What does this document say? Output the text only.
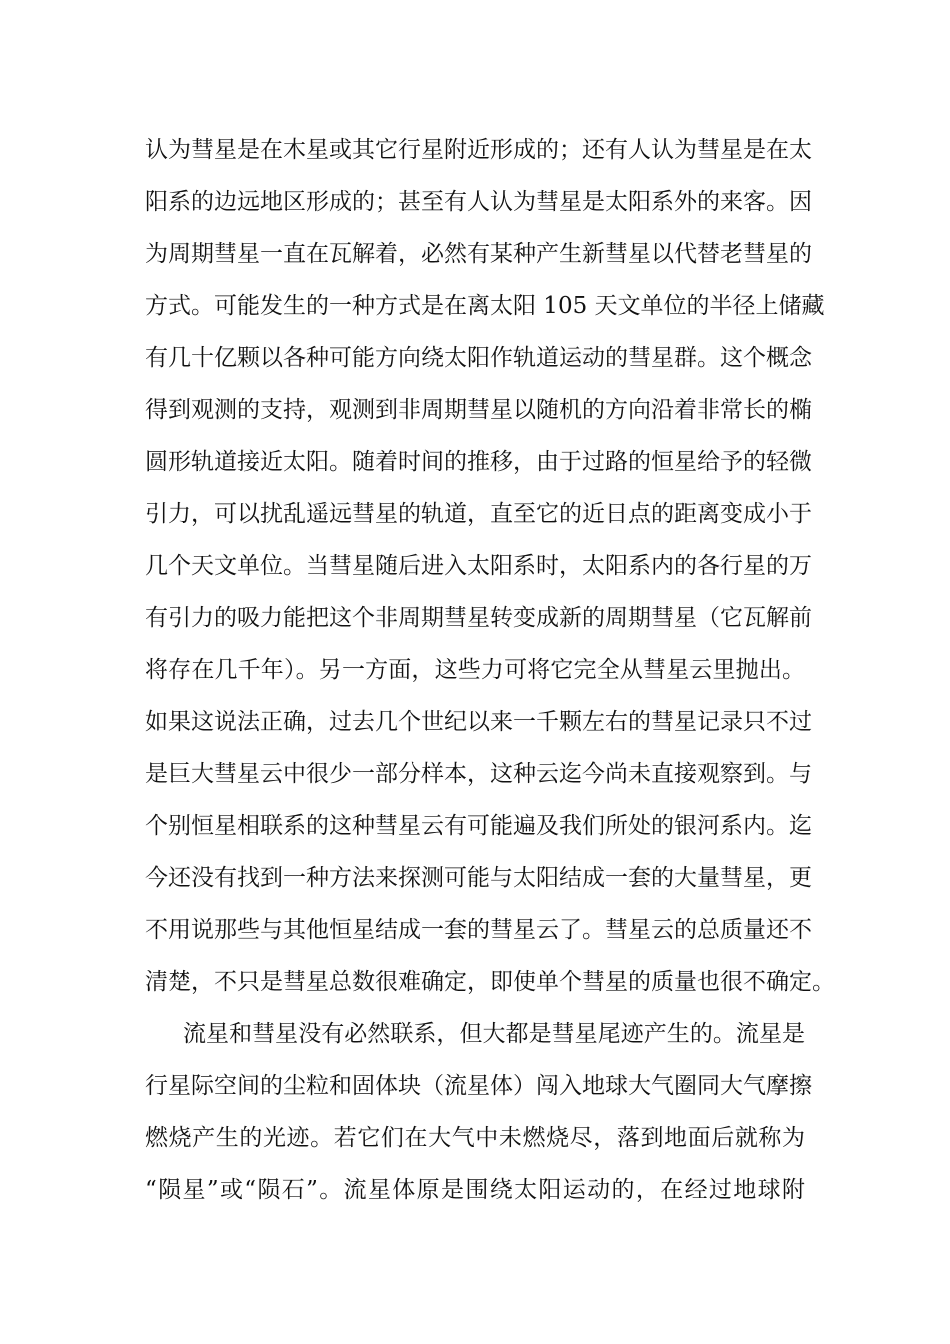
认为彗星是在木星或其它行星附近形成的；还有人认为彗星是在太
阳系的边远地区形成的；甚至有人认为彗星是太阳系外的来客。因
为周期彗星一直在瓦解着，必然有某种产生新彗星以代替老彗星的
方式。可能发生的一种方式是在离太阳 105 天文单位的半径上储藏
有几十亿颗以各种可能方向绕太阳作轨道运动的彗星群。这个概念
得到观测的支持，观测到非周期彗星以随机的方向沿着非常长的椭
圆形轨道接近太阳。随着时间的推移，由于过路的恒星给予的轻微
引力，可以扰乱遥远彗星的轨道，直至它的近日点的距离变成小于
几个天文单位。当彗星随后进入太阳系时，太阳系内的各行星的万
有引力的吸力能把这个非周期彗星转变成新的周期彗星（它瓦解前
将存在几千年）。另一方面，这些力可将它完全从彗星云里抛出。
如果这说法正确，过去几个世纪以来一千颗左右的彗星记录只不过
是巨大彗星云中很少一部分样本，这种云迄今尚未直接观察到。与
个别恒星相联系的这种彗星云有可能遍及我们所处的银河系内。迄
今还没有找到一种方法来探测可能与太阳结成一套的大量彗星，更
不用说那些与其他恒星结成一套的彗星云了。彗星云的总质量还不
清楚，不只是彗星总数很难确定，即使单个彗星的质量也很不确定。
流星和彗星没有必然联系，但大都是彗星尾迹产生的。流星是
行星际空间的尘粒和固体块（流星体）闯入地球大气圈同大气摩擦
燃烧产生的光迹。若它们在大气中未燃烧尽，落到地面后就称为
“陨星”或“陨石”。流星体原是围绕太阳运动的，在经过地球附
